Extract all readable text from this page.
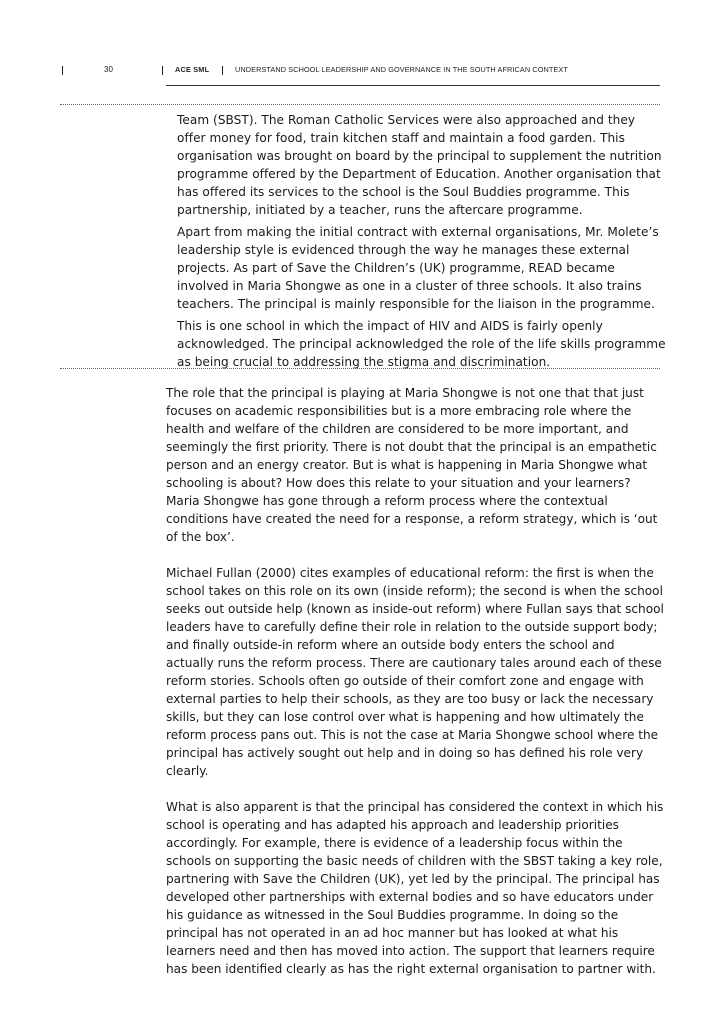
30	ACE SML	UNDERSTAND SCHOOL LEADERSHIP AND GOVERNANCE IN THE SOUTH AFRICAN CONTEXT

Team (SBST). The Roman Catholic Services were also approached and they offer money for food, train kitchen staff and maintain a food garden. This organisation was brought on board by the principal to supplement the nutrition programme offered by the Department of Education. Another organisation that has offered its services to the school is the Soul Buddies programme. This partnership, initiated by a teacher, runs the aftercare programme.

Apart from making the initial contract with external organisations, Mr. Molete’s leadership style is evidenced through the way he manages these external projects. As part of Save the Children’s (UK) programme, READ became involved in Maria Shongwe as one in a cluster of three schools. It also trains teachers. The principal is mainly responsible for the liaison in the programme.

This is one school in which the impact of HIV and AIDS is fairly openly acknowledged. The principal acknowledged the role of the life skills programme as being crucial to addressing the stigma and discrimination.

The role that the principal is playing at Maria Shongwe is not one that that just focuses on academic responsibilities but is a more embracing role where the health and welfare of the children are considered to be more important, and seemingly the first priority. There is not doubt that the principal is an empathetic person and an energy creator. But is what is happening in Maria Shongwe what schooling is about? How does this relate to your situation and your learners? Maria Shongwe has gone through a reform process where the contextual conditions have created the need for a response, a reform strategy, which is ‘out of the box’.

Michael Fullan (2000) cites examples of educational reform: the first is when the school takes on this role on its own (inside reform); the second is when the school seeks out outside help (known as inside-out reform) where Fullan says that school leaders have to carefully define their role in relation to the outside support body; and finally outside-in reform where an outside body enters the school and actually runs the reform process. There are cautionary tales around each of these reform stories. Schools often go outside of their comfort zone and engage with external parties to help their schools, as they are too busy or lack the necessary skills, but they can lose control over what is happening and how ultimately the reform process pans out. This is not the case at Maria Shongwe school where the principal has actively sought out help and in doing so has defined his role very clearly.

What is also apparent is that the principal has considered the context in which his school is operating and has adapted his approach and leadership priorities accordingly. For example, there is evidence of a leadership focus within the schools on supporting the basic needs of children with the SBST taking a key role, partnering with Save the Children (UK), yet led by the principal. The principal has developed other partnerships with external bodies and so have educators under his guidance as witnessed in the Soul Buddies programme. In doing so the principal has not operated in an ad hoc manner but has looked at what his learners need and then has moved into action. The support that learners require has been identified clearly as has the right external organisation to partner with.
